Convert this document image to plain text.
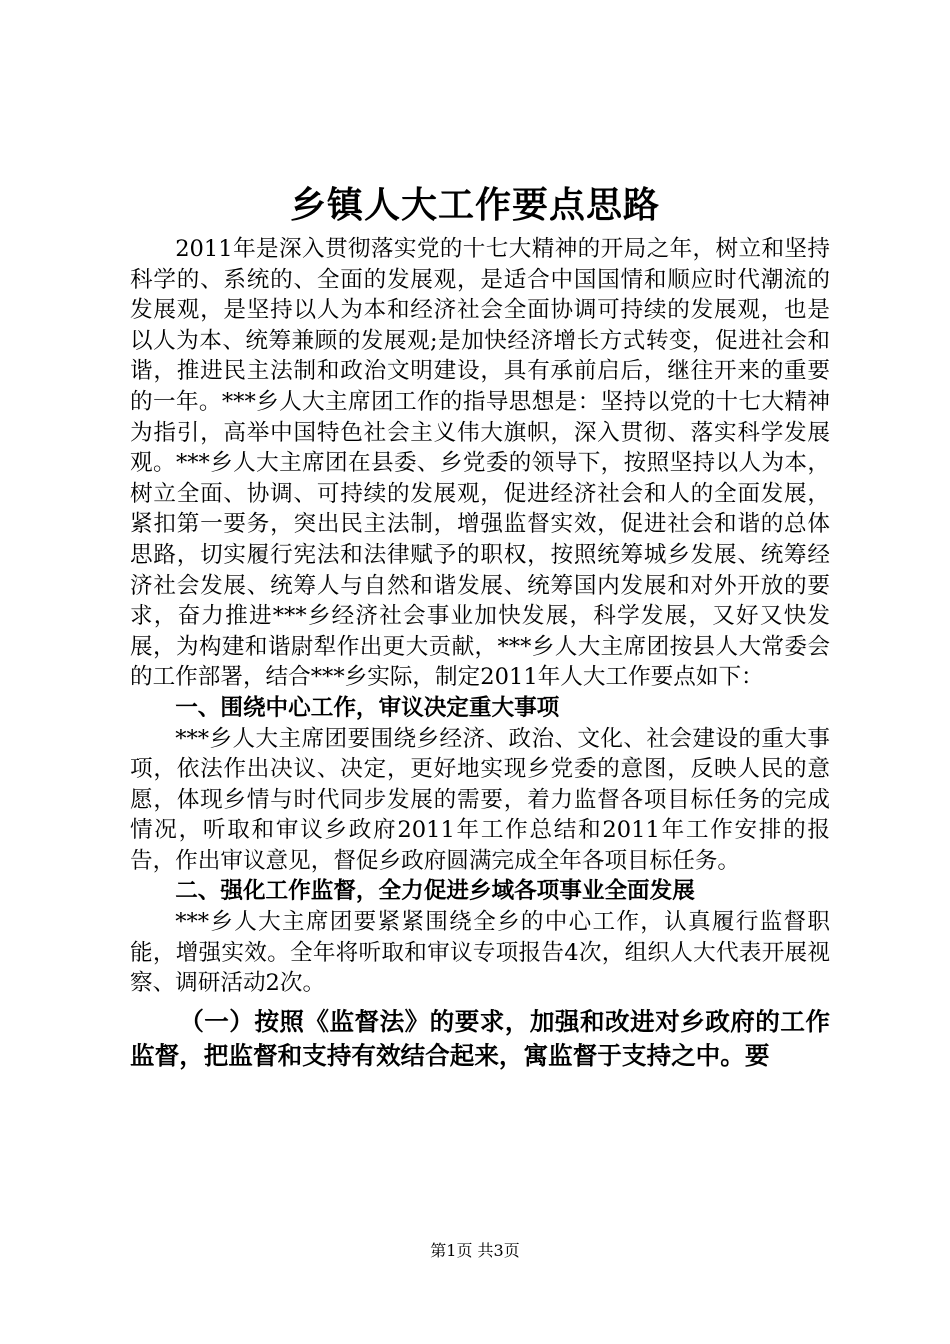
乡镇人大工作要点思路

2011年是深入贯彻落实党的十七大精神的开局之年，树立和坚持科学的、系统的、全面的发展观，是适合中国国情和顺应时代潮流的发展观，是坚持以人为本和经济社会全面协调可持续的发展观，也是以人为本、统筹兼顾的发展观;是加快经济增长方式转变，促进社会和谐，推进民主法制和政治文明建设，具有承前启后，继往开来的重要的一年。***乡人大主席团工作的指导思想是：坚持以党的十七大精神为指引，高举中国特色社会主义伟大旗帜，深入贯彻、落实科学发展观。***乡人大主席团在县委、乡党委的领导下，按照坚持以人为本，树立全面、协调、可持续的发展观，促进经济社会和人的全面发展，紧扣第一要务，突出民主法制，增强监督实效，促进社会和谐的总体思路，切实履行宪法和法律赋予的职权，按照统筹城乡发展、统筹经济社会发展、统筹人与自然和谐发展、统筹国内发展和对外开放的要求，奋力推进***乡经济社会事业加快发展，科学发展，又好又快发展，为构建和谐尉犁作出更大贡献，***乡人大主席团按县人大常委会的工作部署，结合***乡实际，制定2011年人大工作要点如下：

一、围绕中心工作，审议决定重大事项

***乡人大主席团要围绕乡经济、政治、文化、社会建设的重大事项，依法作出决议、决定，更好地实现乡党委的意图，反映人民的意愿，体现乡情与时代同步发展的需要，着力监督各项目标任务的完成情况，听取和审议乡政府2011年工作总结和2011年工作安排的报告，作出审议意见，督促乡政府圆满完成全年各项目标任务。

二、强化工作监督，全力促进乡域各项事业全面发展

***乡人大主席团要紧紧围绕全乡的中心工作，认真履行监督职能，增强实效。全年将听取和审议专项报告4次，组织人大代表开展视察、调研活动2次。

（一）按照《监督法》的要求，加强和改进对乡政府的工作监督，把监督和支持有效结合起来，寓监督于支持之中。要

第1页 共3页
